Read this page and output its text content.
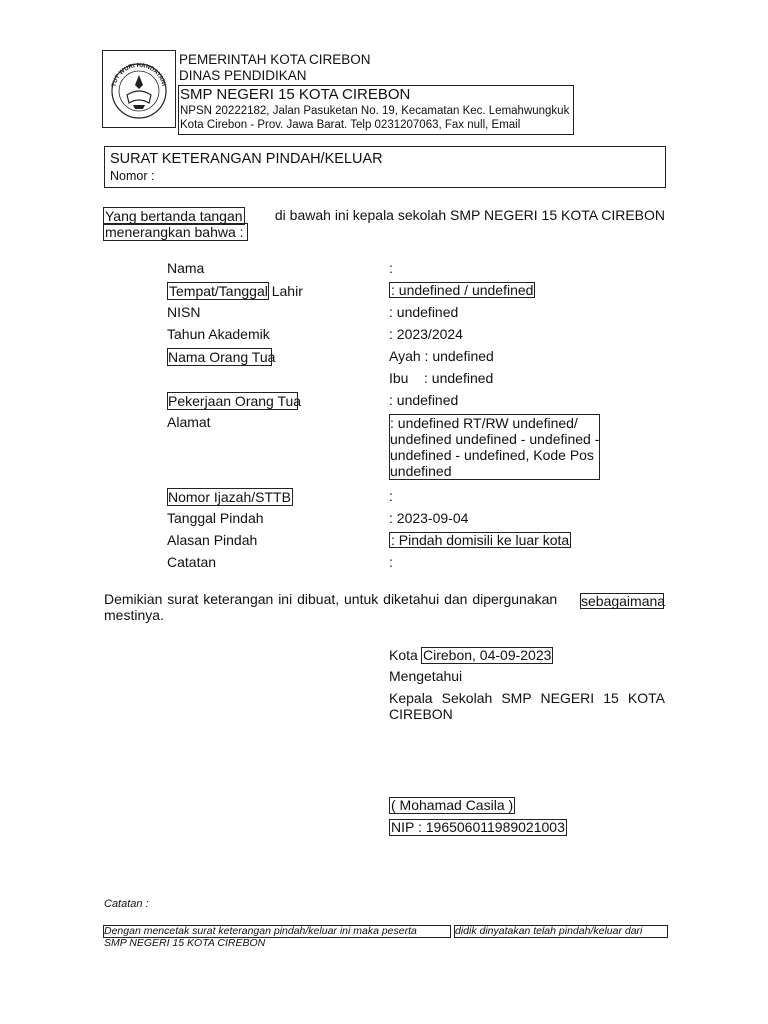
TUT WURI HANDAYANI
PEMERINTAH KOTA CIREBON
DINAS PENDIDIKAN
SMP NEGERI 15 KOTA CIREBON
NPSN 20222182, Jalan Pasuketan No. 19, Kecamatan Kec. Lemahwungkuk
Kota Cirebon - Prov. Jawa Barat. Telp 0231207063, Fax null, Email
SURAT KETERANGAN PINDAH/KELUAR
Nomor :
Yang bertanda tangan	di bawah ini kepala sekolah SMP NEGERI 15 KOTA CIREBON
menerangkan bahwa :
Nama
Tempat/Tanggal Lahir
NISN
Tahun Akademik
Nama Orang Tua
Pekerjaan Orang Tua
Alamat
Nomor Ijazah/STTB
Tanggal Pindah
Alasan Pindah
Catatan
:
: undefined / undefined
: undefined
: 2023/2024
Ayah : undefined
Ibu    : undefined
: undefined
: undefined RT/RW undefined/
undefined undefined - undefined -
undefined - undefined, Kode Pos
undefined
:
: 2023-09-04
: Pindah domisili ke luar kota
:
Demikian surat keterangan ini dibuat, untuk diketahui dan dipergunakan sebagaimana
mestinya.
Kota Cirebon, 04-09-2023
Mengetahui
Kepala Sekolah SMP NEGERI 15 KOTA
CIREBON
( Mohamad Casila )
NIP : 196506011989021003
Catatan :
Dengan mencetak surat keterangan pindah/keluar ini maka peserta	didik dinyatakan telah pindah/keluar dari
SMP NEGERI 15 KOTA CIREBON
